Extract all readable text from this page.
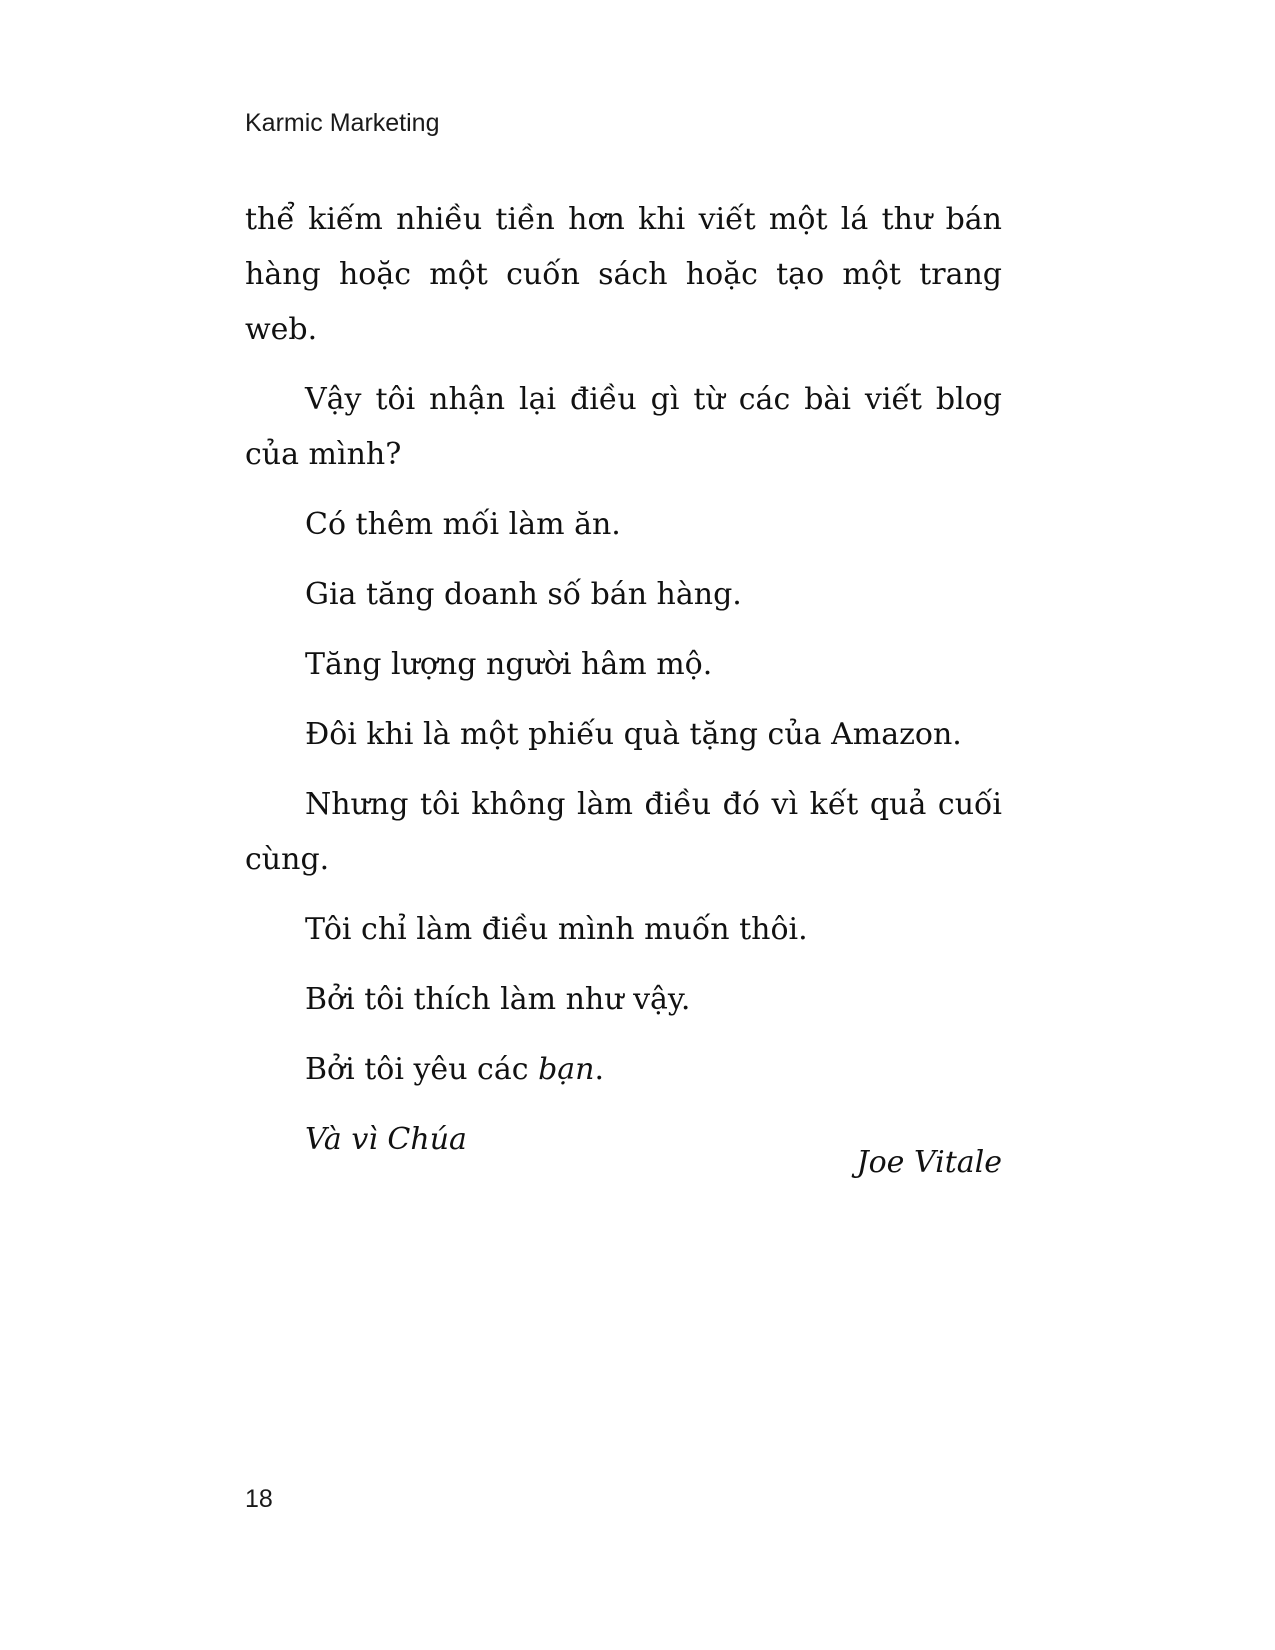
Karmic Marketing

thể kiếm nhiều tiền hơn khi viết một lá thư bán hàng hoặc một cuốn sách hoặc tạo một trang web.

Vậy tôi nhận lại điều gì từ các bài viết blog của mình?

Có thêm mối làm ăn.

Gia tăng doanh số bán hàng.

Tăng lượng người hâm mộ.

Đôi khi là một phiếu quà tặng của Amazon.

Nhưng tôi không làm điều đó vì kết quả cuối cùng.

Tôi chỉ làm điều mình muốn thôi.

Bởi tôi thích làm như vậy.

Bởi tôi yêu các bạn.

Và vì Chúa

Joe Vitale

18
